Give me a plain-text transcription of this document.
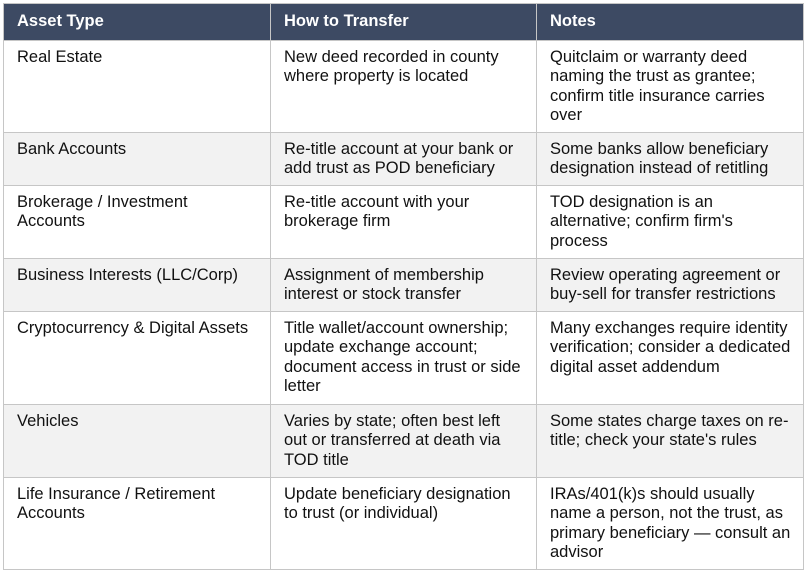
Asset Type	How to Transfer	Notes
Real Estate	New deed recorded in county where property is located	Quitclaim or warranty deed naming the trust as grantee; confirm title insurance carries over
Bank Accounts	Re-title account at your bank or add trust as POD beneficiary	Some banks allow beneficiary designation instead of retitling
Brokerage / Investment Accounts	Re-title account with your brokerage firm	TOD designation is an alternative; confirm firm's process
Business Interests (LLC/Corp)	Assignment of membership interest or stock transfer	Review operating agreement or buy-sell for transfer restrictions
Cryptocurrency & Digital Assets	Title wallet/account ownership; update exchange account; document access in trust or side letter	Many exchanges require identity verification; consider a dedicated digital asset addendum
Vehicles	Varies by state; often best left out or transferred at death via TOD title	Some states charge taxes on re-title; check your state's rules
Life Insurance / Retirement Accounts	Update beneficiary designation to trust (or individual)	IRAs/401(k)s should usually name a person, not the trust, as primary beneficiary — consult an advisor
